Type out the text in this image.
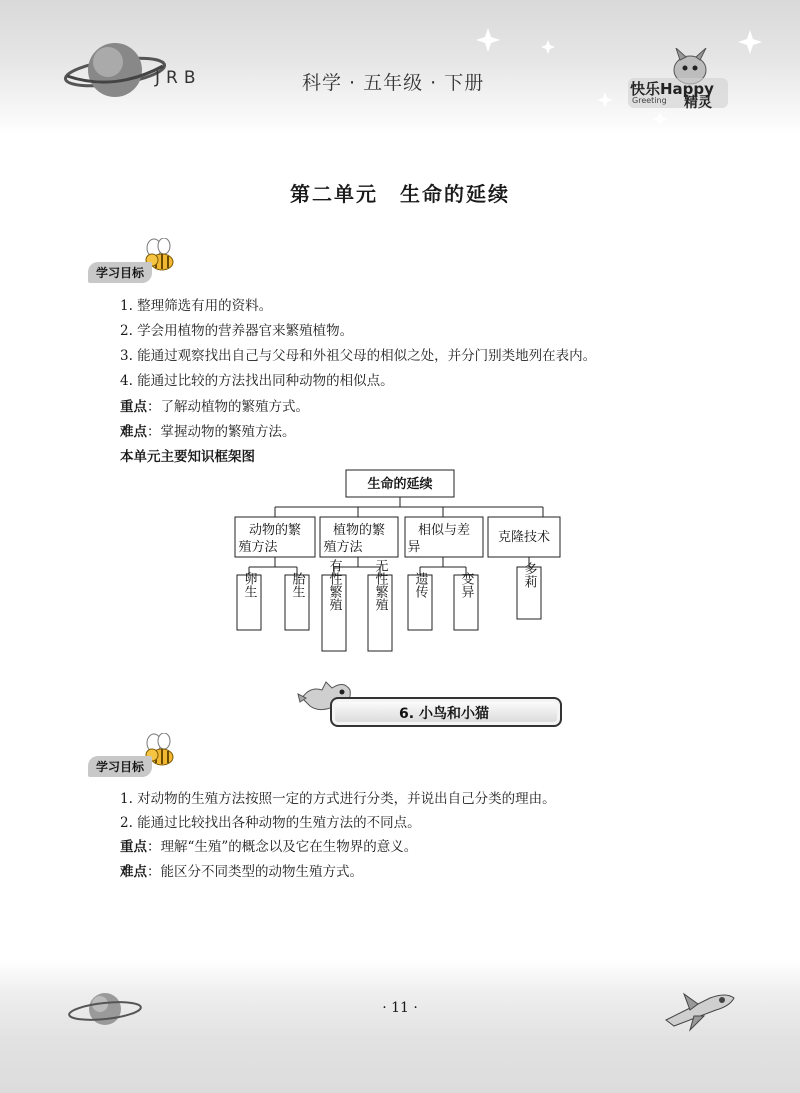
JRB	科学 · 五年级 · 下册	快乐Happy
Greeting 精灵
第二单元　生命的延续
学习目标
1. 整理筛选有用的资料。
2. 学会用植物的营养器官来繁殖植物。
3. 能通过观察找出自己与父母和外祖父母的相似之处，并分门别类地列在表内。
4. 能通过比较的方法找出同种动物的相似点。
重点：了解动植物的繁殖方式。
难点：掌握动物的繁殖方法。
本单元主要知识框架图
生命的延续
动物的繁
殖方法
植物的繁
殖方法
相似与差
异
克隆技术
卵生	胎生 有性繁殖 无性繁殖 遗传 变异	多莉
6. 小鸟和小猫
学习目标
1. 对动物的生殖方法按照一定的方式进行分类，并说出自己分类的理由。
2. 能通过比较找出各种动物的生殖方法的不同点。
重点：理解“生殖”的概念以及它在生物界的意义。
难点：能区分不同类型的动物生殖方式。
· 11 ·
